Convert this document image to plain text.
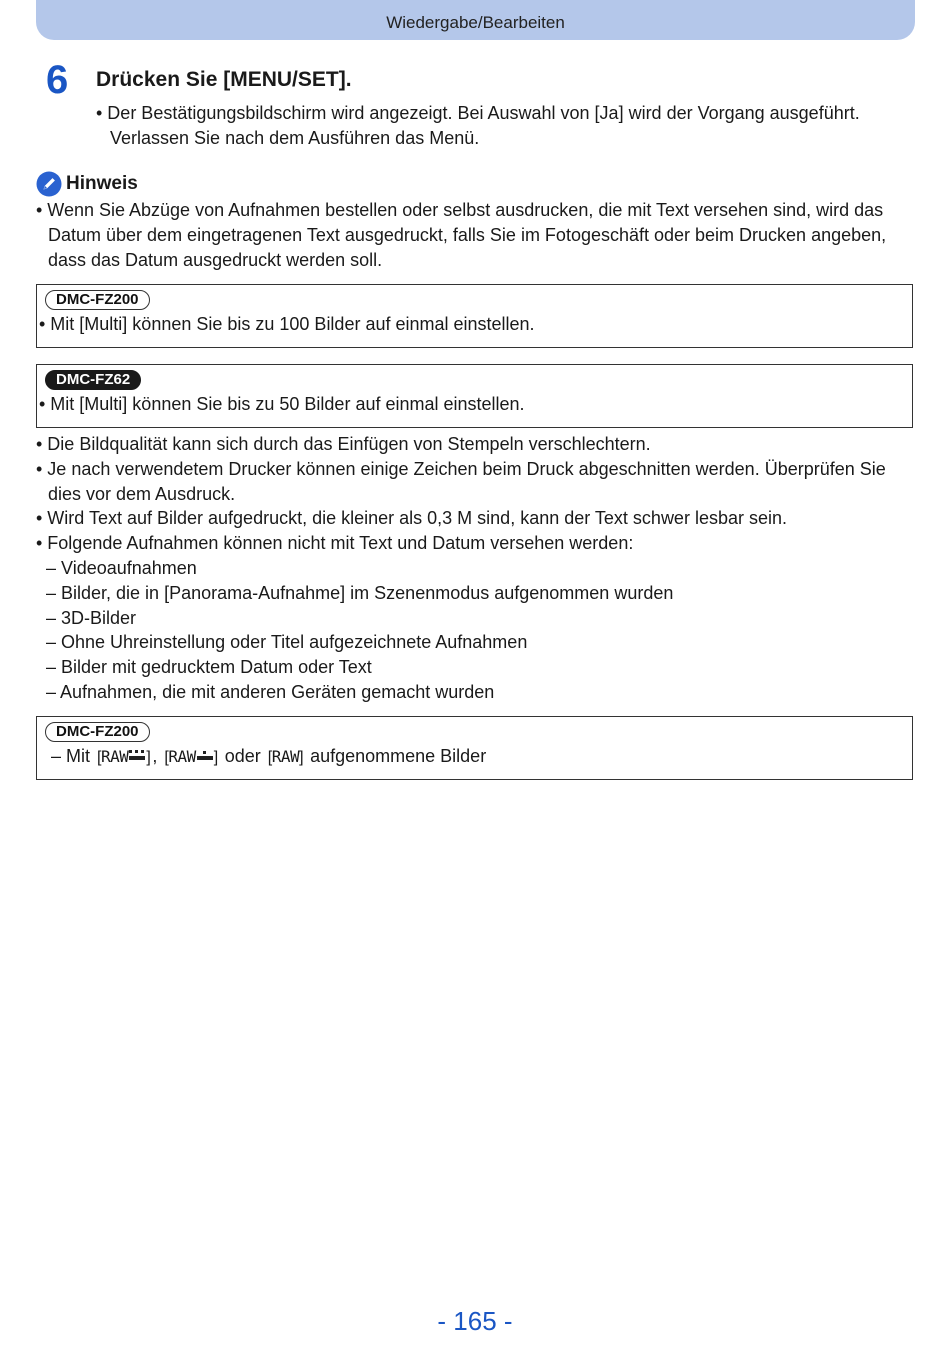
Wiedergabe/Bearbeiten
6 Drücken Sie [MENU/SET].
• Der Bestätigungsbildschirm wird angezeigt. Bei Auswahl von [Ja] wird der Vorgang ausgeführt. Verlassen Sie nach dem Ausführen das Menü.
Hinweis

• Wenn Sie Abzüge von Aufnahmen bestellen oder selbst ausdrucken, die mit Text versehen sind, wird das Datum über dem eingetragenen Text ausgedruckt, falls Sie im Fotogeschäft oder beim Drucken angeben, dass das Datum ausgedruckt werden soll.

DMC-FZ200

• Mit [Multi] können Sie bis zu 100 Bilder auf einmal einstellen.

DMC-FZ62

• Mit [Multi] können Sie bis zu 50 Bilder auf einmal einstellen.

• Die Bildqualität kann sich durch das Einfügen von Stempeln verschlechtern.

• Je nach verwendetem Drucker können einige Zeichen beim Druck abgeschnitten werden. Überprüfen Sie dies vor dem Ausdruck.

• Wird Text auf Bilder aufgedruckt, die kleiner als 0,3 M sind, kann der Text schwer lesbar sein.

• Folgende Aufnahmen können nicht mit Text und Datum versehen werden:

– Videoaufnahmen

– Bilder, die in [Panorama-Aufnahme] im Szenenmodus aufgenommen wurden

– 3D-Bilder

– Ohne Uhreinstellung oder Titel aufgezeichnete Aufnahmen

– Bilder mit gedrucktem Datum oder Text

– Aufnahmen, die mit anderen Geräten gemacht wurden

DMC-FZ200

– Mit [ RAW ] , [ RAW ] oder [ RAW ] aufgenommene Bilder

- 165 -
